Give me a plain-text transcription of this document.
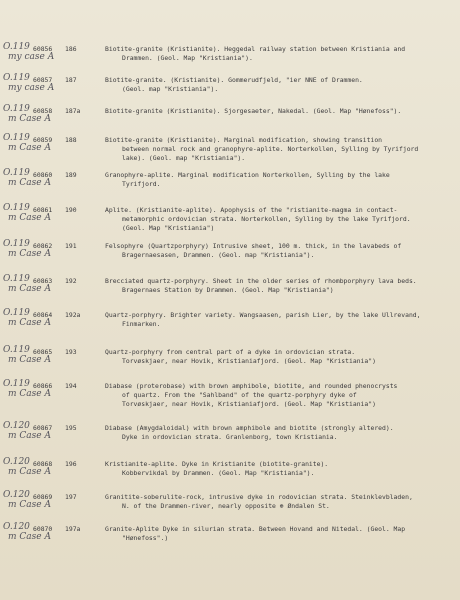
O.119
my case A
60856 186	Biotite-granite (Kristianite). Heggedal railway station between Kristiania and
Drammen. (Geol. Map "Kristiania").
O.119
my case A
60857 187	Biotite-granite. (Kristianite). Gommerudfjeld, "ier NNE of Drammen.
(Geol. map "Kristiania").
O.119
m Case A
60858 187a	Biotite-granite (Kristianite). Sjorgesaeter, Nakedal. (Geol. Map "Hønefoss").
O.119
m Case A
60859 188	Biotite-granite (Kristianite). Marginal modification, showing transition
between normal rock and granophyre-aplite. Norterkollen, Sylling by Tyrifjord
lake). (Geol. map "Kristiania").
O.119
m Case A
60860 189	Granophyre-aplite. Marginal modification Norterkollen, Sylling by the lake
Tyrifjord.
O.119
m Case A
60861 190	Aplite. (Kristianite-aplite). Apophysis of the "ristianite-magma in contact-
metamorphic ordovician strata. Norterkollen, Sylling by the lake Tyrifjord.
(Geol. Map "Kristiania")
O.119
m Case A
60862 191	Felsophyre (Quartzporphyry) Intrusive sheet, 100 m. thick, in the lavabeds of
Bragernaesasen, Drammen. (Geol. map "Kristiania").
O.119
m Case A
60863 192	Brecciated quartz-porphyry. Sheet in the older series of rhombporphyry lava beds.
Bragernaes Station by Drammen. (Geol. Map "Kristiania")
O.119
m Case A
60864 192a	Quartz-porphyry. Brighter variety. Wangsaasen, parish Lier, by the lake Ullrevand,
Finmarken.
O.119
m Case A
60865 193	Quartz-porphyry from central part of a dyke in ordovician strata.
Torvøskjaer, near Hovik, Kristianiafjord. (Geol. Map "Kristiania")
O.119
m Case A
60866 194	Diabase (proterobase) with brown amphibole, biotite, and rounded phenocrysts
of quartz. From the "Sahlband" of the quartz-porphyry dyke of
Torvøskjaer, near Hovik, Kristianiafjord. (Geol. Map "Kristiania")
O.120
m Case A
60867 195	Diabase (Amygdaloidal) with brown amphibole and biotite (strongly altered).
Dyke in ordovician strata. Granlenborg, town Kristiania.
O.120
m Case A
60868 196	Kristianite-aplite. Dyke in Kristianite (biotite-granite).
Kobbervikdal by Drammen. (Geol. Map "Kristiania").
O.120
m Case A
60869 197	Granitite-soberulite-rock, intrusive dyke in rodovician strata. Steinklevbladen,
N. of the Drammen-river, nearly opposite ⊕ Øndalen St.
O.120
m Case A
60870 197a	Granite-Aplite Dyke in silurian strata. Between Hovand and Nitedal. (Geol. Map
"Hønefoss".)
